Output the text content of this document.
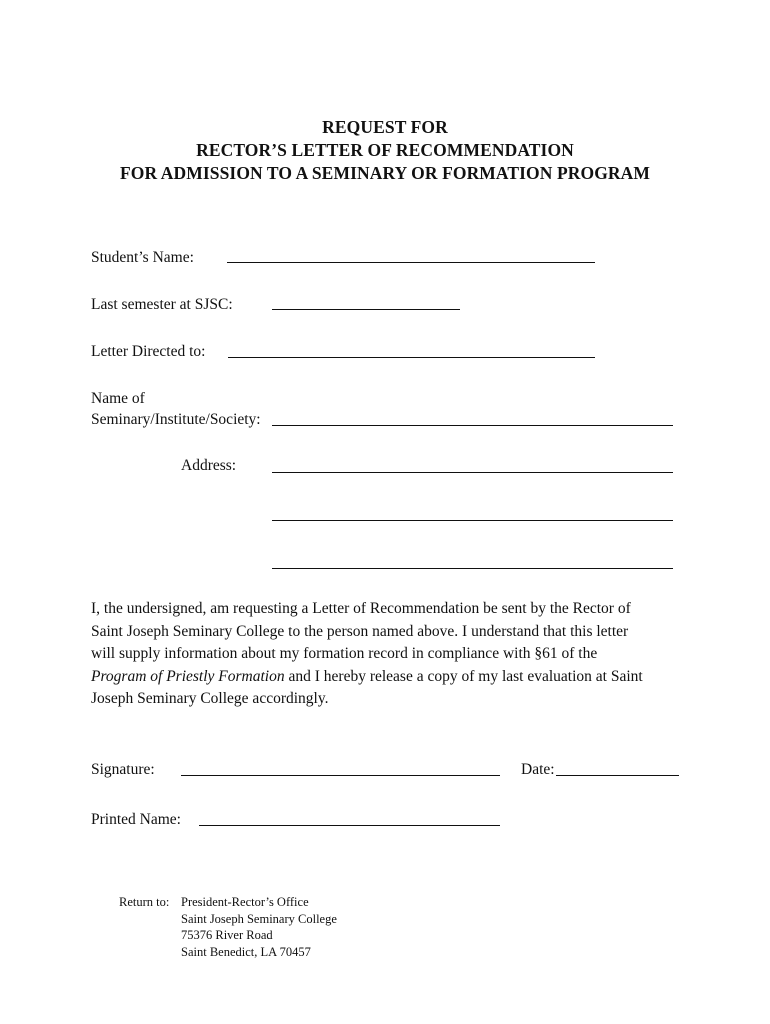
REQUEST FOR
RECTOR’S LETTER OF RECOMMENDATION
FOR ADMISSION TO A SEMINARY OR FORMATION PROGRAM
Student’s Name:
Last semester at SJSC:
Letter Directed to:
Name of
Seminary/Institute/Society:
Address:
I, the undersigned, am requesting a Letter of Recommendation be sent by the Rector of
Saint Joseph Seminary College to the person named above. I understand that this letter
will supply information about my formation record in compliance with §61 of the
Program of Priestly Formation and I hereby release a copy of my last evaluation at Saint
Joseph Seminary College accordingly.
Signature:	Date:
Printed Name:
Return to: President-Rector’s Office
Saint Joseph Seminary College
75376 River Road
Saint Benedict, LA 70457
